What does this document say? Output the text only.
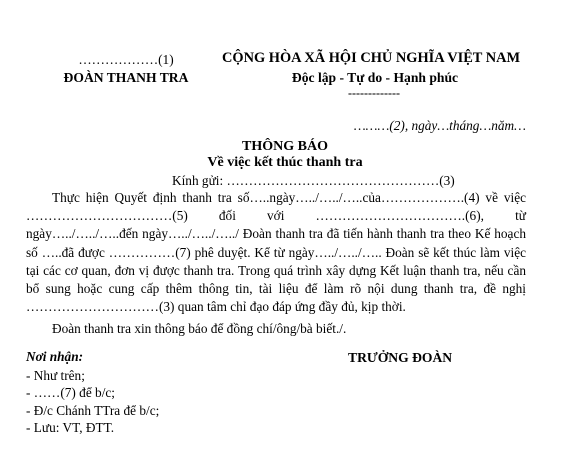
………………(1)
ĐOÀN THANH TRA
CỘNG HÒA XÃ HỘI CHỦ NGHĨA VIỆT NAM
Độc lập - Tự do - Hạnh phúc
-------------
………(2), ngày…tháng…năm…
THÔNG BÁO
Về việc kết thúc thanh tra
Kính gửi: …………………………………………(3)
Thực hiện Quyết định thanh tra số…..ngày…../…../…..của……………….(4) về việc ……………………………(5) đối với …………………………….(6), từ ngày…../…../…..đến ngày…../…../…../ Đoàn thanh tra đã tiến hành thanh tra theo Kế hoạch số …..đã được ……………(7) phê duyệt. Kể từ ngày…../…../….. Đoàn sẽ kết thúc làm việc tại các cơ quan, đơn vị được thanh tra. Trong quá trình xây dựng Kết luận thanh tra, nếu cần bổ sung hoặc cung cấp thêm thông tin, tài liệu để làm rõ nội dung thanh tra, đề nghị …………………………(3) quan tâm chỉ đạo đáp ứng đầy đủ, kịp thời.
Đoàn thanh tra xin thông báo để đồng chí/ông/bà biết./.
Nơi nhận:
- Như trên;
- ……(7) để b/c;
- Đ/c Chánh TTra để b/c;
- Lưu: VT, ĐTT.
TRƯỞNG ĐOÀN
